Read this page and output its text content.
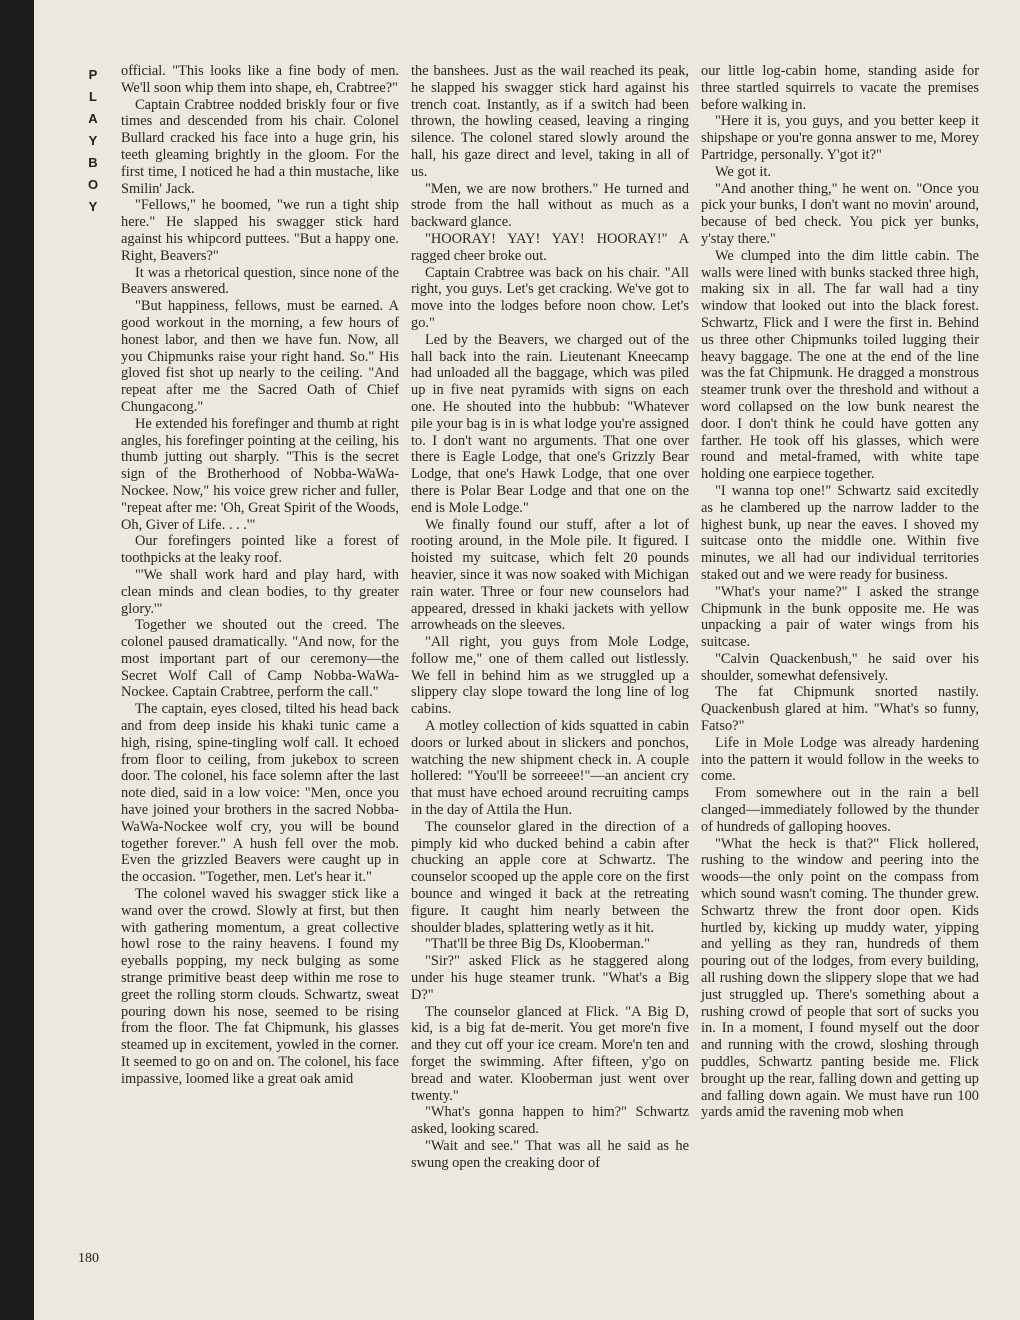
P
L
A
Y
B
O
Y
180

official. "This looks like a fine body of men. We'll soon whip them into shape, eh, Crabtree?"

Captain Crabtree nodded briskly four or five times and descended from his chair. Colonel Bullard cracked his face into a huge grin, his teeth gleaming brightly in the gloom. For the first time, I noticed he had a thin mustache, like Smilin' Jack.

"Fellows," he boomed, "we run a tight ship here." He slapped his swagger stick hard against his whipcord puttees. "But a happy one. Right, Beavers?"

It was a rhetorical question, since none of the Beavers answered.

"But happiness, fellows, must be earned. A good workout in the morning, a few hours of honest labor, and then we have fun. Now, all you Chipmunks raise your right hand. So." His gloved fist shot up nearly to the ceiling. "And repeat after me the Sacred Oath of Chief Chungacong."

He extended his forefinger and thumb at right angles, his forefinger pointing at the ceiling, his thumb jutting out sharply. "This is the secret sign of the Brotherhood of Nobba-WaWa-Nockee. Now," his voice grew richer and fuller, "repeat after me: 'Oh, Great Spirit of the Woods, Oh, Giver of Life. . . .'"

Our forefingers pointed like a forest of toothpicks at the leaky roof.

"'We shall work hard and play hard, with clean minds and clean bodies, to thy greater glory.'"

Together we shouted out the creed. The colonel paused dramatically. "And now, for the most important part of our ceremony—the Secret Wolf Call of Camp Nobba-WaWa-Nockee. Captain Crabtree, perform the call."

The captain, eyes closed, tilted his head back and from deep inside his khaki tunic came a high, rising, spine-tingling wolf call. It echoed from floor to ceiling, from jukebox to screen door. The colonel, his face solemn after the last note died, said in a low voice: "Men, once you have joined your brothers in the sacred Nobba-WaWa-Nockee wolf cry, you will be bound together forever." A hush fell over the mob. Even the grizzled Beavers were caught up in the occasion. "Together, men. Let's hear it."

The colonel waved his swagger stick like a wand over the crowd. Slowly at first, but then with gathering momentum, a great collective howl rose to the rainy heavens. I found my eyeballs popping, my neck bulging as some strange primitive beast deep within me rose to greet the rolling storm clouds. Schwartz, sweat pouring down his nose, seemed to be rising from the floor. The fat Chipmunk, his glasses steamed up in excitement, yowled in the corner. It seemed to go on and on. The colonel, his face impassive, loomed like a great oak amid

the banshees. Just as the wail reached its peak, he slapped his swagger stick hard against his trench coat. Instantly, as if a switch had been thrown, the howling ceased, leaving a ringing silence. The colonel stared slowly around the hall, his gaze direct and level, taking in all of us.

"Men, we are now brothers." He turned and strode from the hall without as much as a backward glance.

"HOORAY! YAY! YAY! HOORAY!" A ragged cheer broke out.

Captain Crabtree was back on his chair. "All right, you guys. Let's get cracking. We've got to move into the lodges before noon chow. Let's go."

Led by the Beavers, we charged out of the hall back into the rain. Lieutenant Kneecamp had unloaded all the baggage, which was piled up in five neat pyramids with signs on each one. He shouted into the hubbub: "Whatever pile your bag is in is what lodge you're assigned to. I don't want no arguments. That one over there is Eagle Lodge, that one's Grizzly Bear Lodge, that one's Hawk Lodge, that one over there is Polar Bear Lodge and that one on the end is Mole Lodge."

We finally found our stuff, after a lot of rooting around, in the Mole pile. It figured. I hoisted my suitcase, which felt 20 pounds heavier, since it was now soaked with Michigan rain water. Three or four new counselors had appeared, dressed in khaki jackets with yellow arrowheads on the sleeves.

"All right, you guys from Mole Lodge, follow me," one of them called out listlessly. We fell in behind him as we struggled up a slippery clay slope toward the long line of log cabins.

A motley collection of kids squatted in cabin doors or lurked about in slickers and ponchos, watching the new shipment check in. A couple hollered: "You'll be sorreeee!"—an ancient cry that must have echoed around recruiting camps in the day of Attila the Hun.

The counselor glared in the direction of a pimply kid who ducked behind a cabin after chucking an apple core at Schwartz. The counselor scooped up the apple core on the first bounce and winged it back at the retreating figure. It caught him nearly between the shoulder blades, splattering wetly as it hit.

"That'll be three Big Ds, Klooberman."

"Sir?" asked Flick as he staggered along under his huge steamer trunk. "What's a Big D?"

The counselor glanced at Flick. "A Big D, kid, is a big fat de-merit. You get more'n five and they cut off your ice cream. More'n ten and forget the swimming. After fifteen, y'go on bread and water. Klooberman just went over twenty."

"What's gonna happen to him?" Schwartz asked, looking scared.

"Wait and see." That was all he said as he swung open the creaking door of

our little log-cabin home, standing aside for three startled squirrels to vacate the premises before walking in.

"Here it is, you guys, and you better keep it shipshape or you're gonna answer to me, Morey Partridge, personally. Y'got it?"

We got it.

"And another thing," he went on. "Once you pick your bunks, I don't want no movin' around, because of bed check. You pick yer bunks, y'stay there."

We clumped into the dim little cabin. The walls were lined with bunks stacked three high, making six in all. The far wall had a tiny window that looked out into the black forest. Schwartz, Flick and I were the first in. Behind us three other Chipmunks toiled lugging their heavy baggage. The one at the end of the line was the fat Chipmunk. He dragged a monstrous steamer trunk over the threshold and without a word collapsed on the low bunk nearest the door. I don't think he could have gotten any farther. He took off his glasses, which were round and metal-framed, with white tape holding one earpiece together.

"I wanna top one!" Schwartz said excitedly as he clambered up the narrow ladder to the highest bunk, up near the eaves. I shoved my suitcase onto the middle one. Within five minutes, we all had our individual territories staked out and we were ready for business.

"What's your name?" I asked the strange Chipmunk in the bunk opposite me. He was unpacking a pair of water wings from his suitcase.

"Calvin Quackenbush," he said over his shoulder, somewhat defensively.

The fat Chipmunk snorted nastily. Quackenbush glared at him. "What's so funny, Fatso?"

Life in Mole Lodge was already hardening into the pattern it would follow in the weeks to come.

From somewhere out in the rain a bell clanged—immediately followed by the thunder of hundreds of galloping hooves.

"What the heck is that?" Flick hollered, rushing to the window and peering into the woods—the only point on the compass from which sound wasn't coming. The thunder grew. Schwartz threw the front door open. Kids hurtled by, kicking up muddy water, yipping and yelling as they ran, hundreds of them pouring out of the lodges, from every building, all rushing down the slippery slope that we had just struggled up. There's something about a rushing crowd of people that sort of sucks you in. In a moment, I found myself out the door and running with the crowd, sloshing through puddles, Schwartz panting beside me. Flick brought up the rear, falling down and getting up and falling down again. We must have run 100 yards amid the ravening mob when
